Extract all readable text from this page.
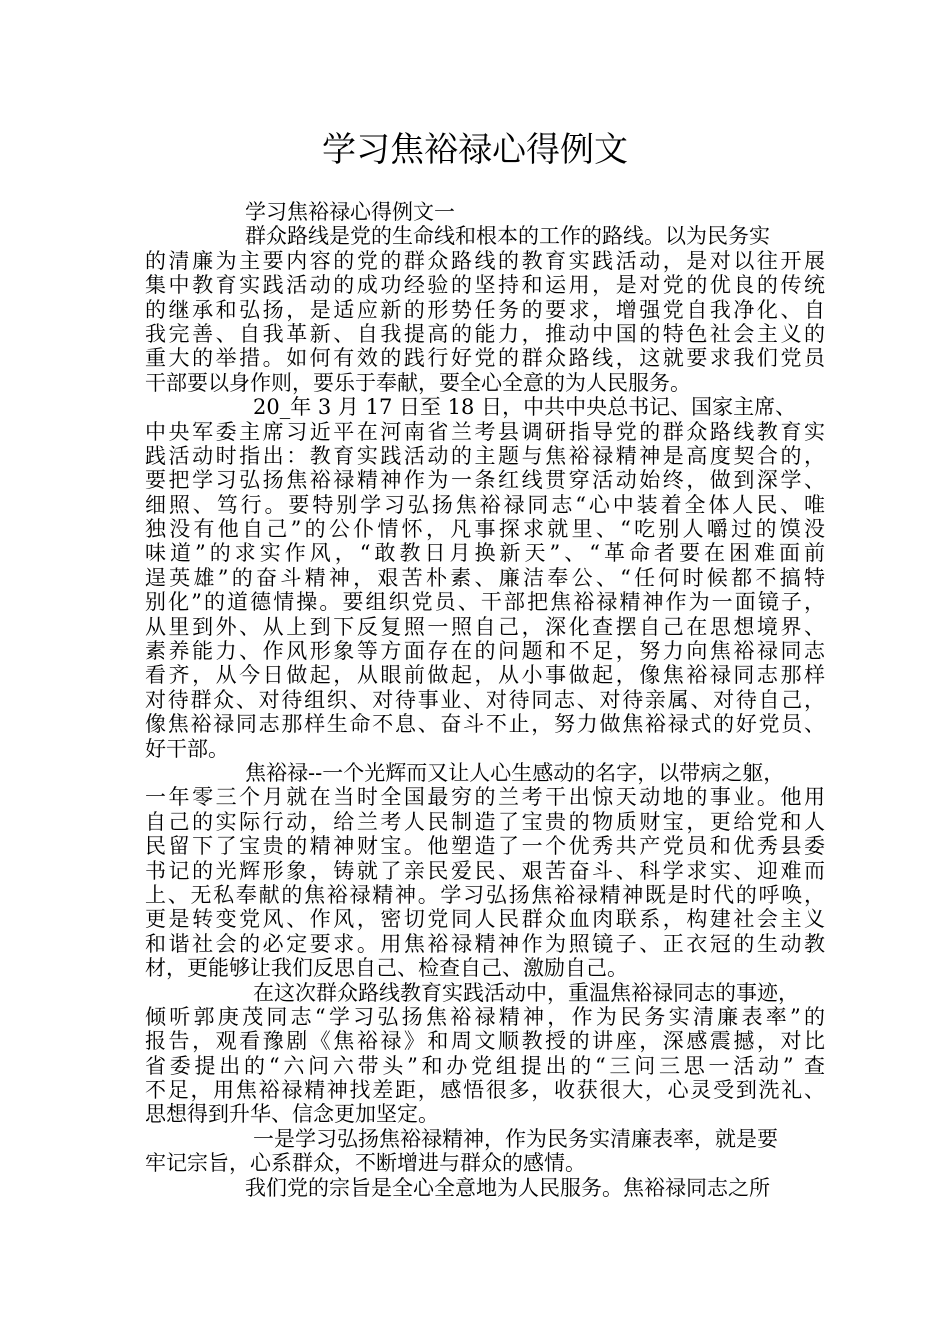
学习焦裕禄心得例文
学习焦裕禄心得例文一
群众路线是党的生命线和根本的工作的路线。以为民务实
的清廉为主要内容的党的群众路线的教育实践活动，是对以往开展
集中教育实践活动的成功经验的坚持和运用，是对党的优良的传统
的继承和弘扬，是适应新的形势任务的要求，增强党自我净化、自
我完善、自我革新、自我提高的能力，推动中国的特色社会主义的
重大的举措。如何有效的践行好党的群众路线，这就要求我们党员
干部要以身作则，要乐于奉献，要全心全意的为人民服务。
20_年 3 月 17 日至 18 日，中共中央总书记、国家主席、
中央军委主席习近平在河南省兰考县调研指导党的群众路线教育实
践活动时指出：教育实践活动的主题与焦裕禄精神是高度契合的，
要把学习弘扬焦裕禄精神作为一条红线贯穿活动始终，做到深学、
细照、笃行。要特别学习弘扬焦裕禄同志“心中装着全体人民、唯
独没有他自己”的公仆情怀，凡事探求就里、“吃别人嚼过的馍没
味道”的求实作风，“敢教日月换新天”、“革命者要在困难面前
逞英雄”的奋斗精神，艰苦朴素、廉洁奉公、“任何时候都不搞特
别化”的道德情操。要组织党员、干部把焦裕禄精神作为一面镜子，
从里到外、从上到下反复照一照自己，深化查摆自己在思想境界、
素养能力、作风形象等方面存在的问题和不足，努力向焦裕禄同志
看齐，从今日做起，从眼前做起，从小事做起，像焦裕禄同志那样
对待群众、对待组织、对待事业、对待同志、对待亲属、对待自己，
像焦裕禄同志那样生命不息、奋斗不止，努力做焦裕禄式的好党员、
好干部。
焦裕禄--一个光辉而又让人心生感动的名字，以带病之躯，
一年零三个月就在当时全国最穷的兰考干出惊天动地的事业。他用
自己的实际行动，给兰考人民制造了宝贵的物质财宝，更给党和人
民留下了宝贵的精神财宝。他塑造了一个优秀共产党员和优秀县委
书记的光辉形象，铸就了亲民爱民、艰苦奋斗、科学求实、迎难而
上、无私奉献的焦裕禄精神。学习弘扬焦裕禄精神既是时代的呼唤，
更是转变党风、作风，密切党同人民群众血肉联系，构建社会主义
和谐社会的必定要求。用焦裕禄精神作为照镜子、正衣冠的生动教
材，更能够让我们反思自己、检查自己、激励自己。
在这次群众路线教育实践活动中，重温焦裕禄同志的事迹，
倾听郭庚茂同志“学习弘扬焦裕禄精神，作为民务实清廉表率”的
报告，观看豫剧《焦裕禄》和周文顺教授的讲座，深感震撼，对比
省委提出的“六问六带头”和办党组提出的“三问三思一活动” 查
不足，用焦裕禄精神找差距，感悟很多，收获很大，心灵受到洗礼、
思想得到升华、信念更加坚定。
一是学习弘扬焦裕禄精神，作为民务实清廉表率，就是要
牢记宗旨，心系群众，不断增进与群众的感情。
我们党的宗旨是全心全意地为人民服务。焦裕禄同志之所
